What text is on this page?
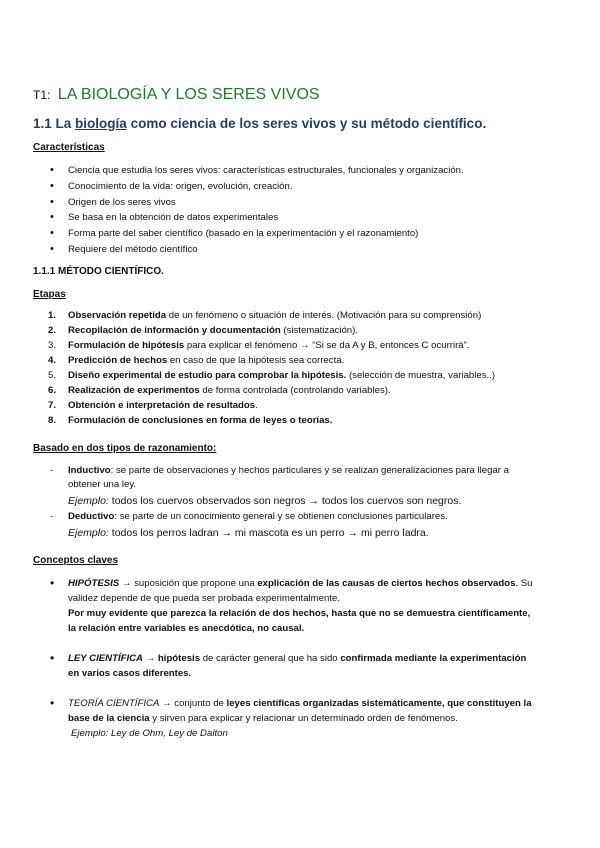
T1: LA BIOLOGÍA Y LOS SERES VIVOS
1.1 La biología como ciencia de los seres vivos y su método científico.
Características
• Ciencia que estudia los seres vivos: características estructurales, funcionales y organización.
• Conocimiento de la vida: origen, evolución, creación.
• Origen de los seres vivos
• Se basa en la obtención de datos experimentales
• Forma parte del saber científico (basado en la experimentación y el razonamiento)
• Requiere del método científico
1.1.1 MÉTODO CIENTÍFICO.
Etapas
1. Observación repetida de un fenómeno o situación de interés. (Motivación para su comprensión)
2. Recopilación de información y documentación (sistematización).
3. Formulación de hipótesis para explicar el fenómeno → “Si se da A y B, entonces C ocurrirá”.
4. Predicción de hechos en caso de que la hipótesis sea correcta.
5. Diseño experimental de estudio para comprobar la hipótesis. (selección de muestra, variables..)
6. Realización de experimentos de forma controlada (controlando variables).
7. Obtención e interpretación de resultados.
8. Formulación de conclusiones en forma de leyes o teorías.
Basado en dos tipos de razonamiento:
- Inductivo: se parte de observaciones y hechos particulares y se realizan generalizaciones para llegar a obtener una ley.
Ejemplo: todos los cuervos observados son negros → todos los cuervos son negros.
- Deductivo: se parte de un conocimiento general y se obtienen conclusiones particulares.
Ejemplo: todos los perros ladran → mi mascota es un perro → mi perro ladra.
Conceptos claves
• HIPÓTESIS → suposición que propone una explicación de las causas de ciertos hechos observados. Su validez depende de que pueda ser probada experimentalmente.
Por muy evidente que parezca la relación de dos hechos, hasta que no se demuestra científicamente, la relación entre variables es anecdótica, no causal.
• LEY CIENTÍFICA → hipótesis de carácter general que ha sido confirmada mediante la experimentación en varios casos diferentes.
• TEORÍA CIENTÍFICA → conjunto de leyes científicas organizadas sistemáticamente, que constituyen la base de la ciencia y sirven para explicar y relacionar un determinado orden de fenómenos.
Ejemplo: Ley de Ohm, Ley de Dalton
